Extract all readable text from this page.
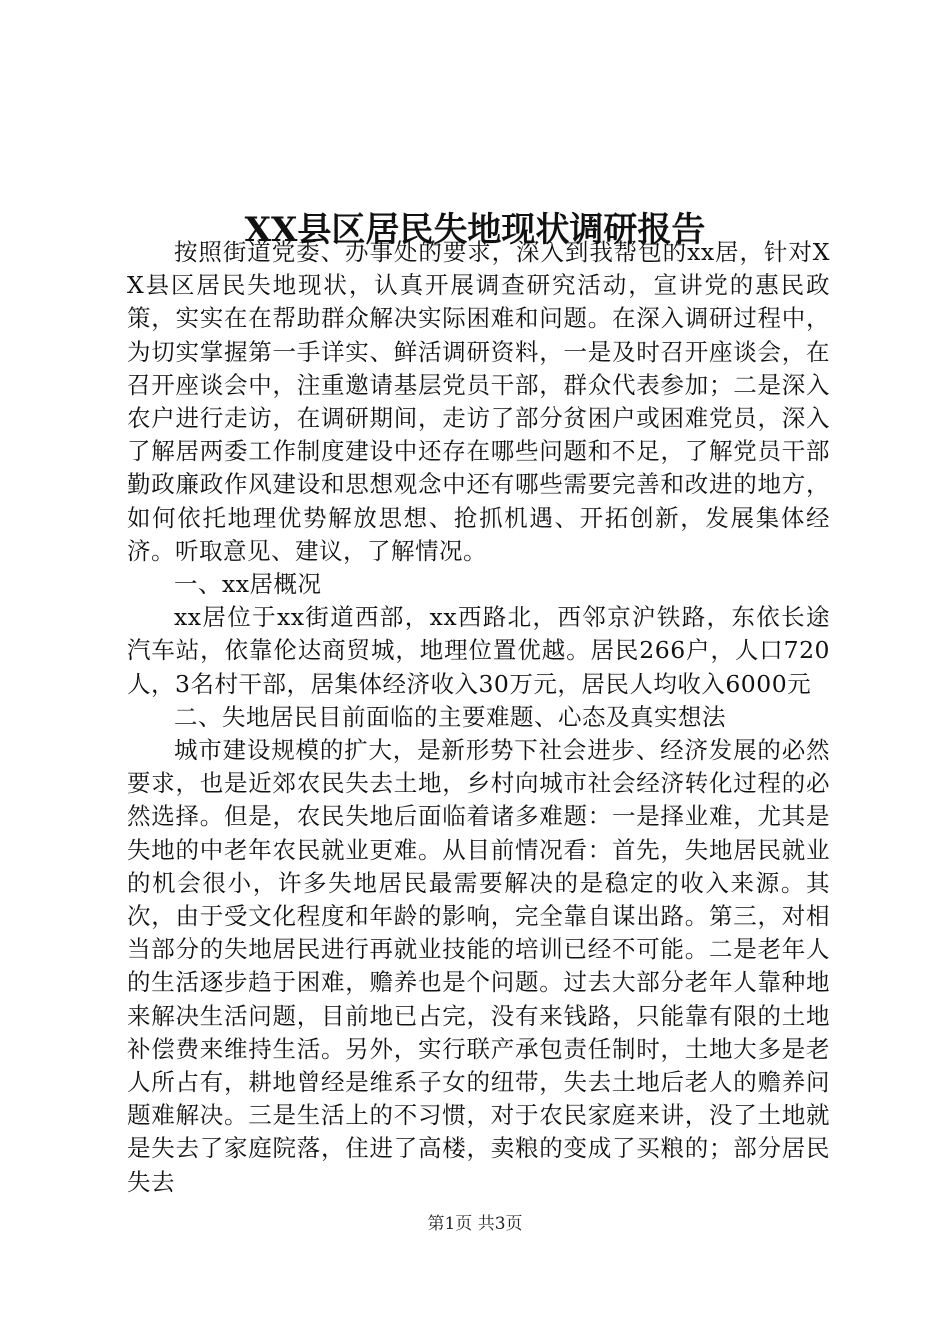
XX县区居民失地现状调研报告

按照街道党委、办事处的要求，深入到我帮包的xx居，针对XX县区居民失地现状，认真开展调查研究活动，宣讲党的惠民政策，实实在在帮助群众解决实际困难和问题。在深入调研过程中，为切实掌握第一手详实、鲜活调研资料，一是及时召开座谈会，在召开座谈会中，注重邀请基层党员干部，群众代表参加；二是深入农户进行走访，在调研期间，走访了部分贫困户或困难党员，深入了解居两委工作制度建设中还存在哪些问题和不足，了解党员干部勤政廉政作风建设和思想观念中还有哪些需要完善和改进的地方，如何依托地理优势解放思想、抢抓机遇、开拓创新，发展集体经济。听取意见、建议，了解情况。

一、xx居概况

xx居位于xx街道西部，xx西路北，西邻京沪铁路，东依长途汽车站，依靠伦达商贸城，地理位置优越。居民266户，人口720人，3名村干部，居集体经济收入30万元，居民人均收入6000元

二、失地居民目前面临的主要难题、心态及真实想法

城市建设规模的扩大，是新形势下社会进步、经济发展的必然要求，也是近郊农民失去土地，乡村向城市社会经济转化过程的必然选择。但是，农民失地后面临着诸多难题：一是择业难，尤其是失地的中老年农民就业更难。从目前情况看：首先，失地居民就业的机会很小，许多失地居民最需要解决的是稳定的收入来源。其次，由于受文化程度和年龄的影响，完全靠自谋出路。第三，对相当部分的失地居民进行再就业技能的培训已经不可能。二是老年人的生活逐步趋于困难，赡养也是个问题。过去大部分老年人靠种地来解决生活问题，目前地已占完，没有来钱路，只能靠有限的土地补偿费来维持生活。另外，实行联产承包责任制时，土地大多是老人所占有，耕地曾经是维系子女的纽带，失去土地后老人的赡养问题难解决。三是生活上的不习惯，对于农民家庭来讲，没了土地就是失去了家庭院落，住进了高楼，卖粮的变成了买粮的；部分居民失去

第1页 共3页
